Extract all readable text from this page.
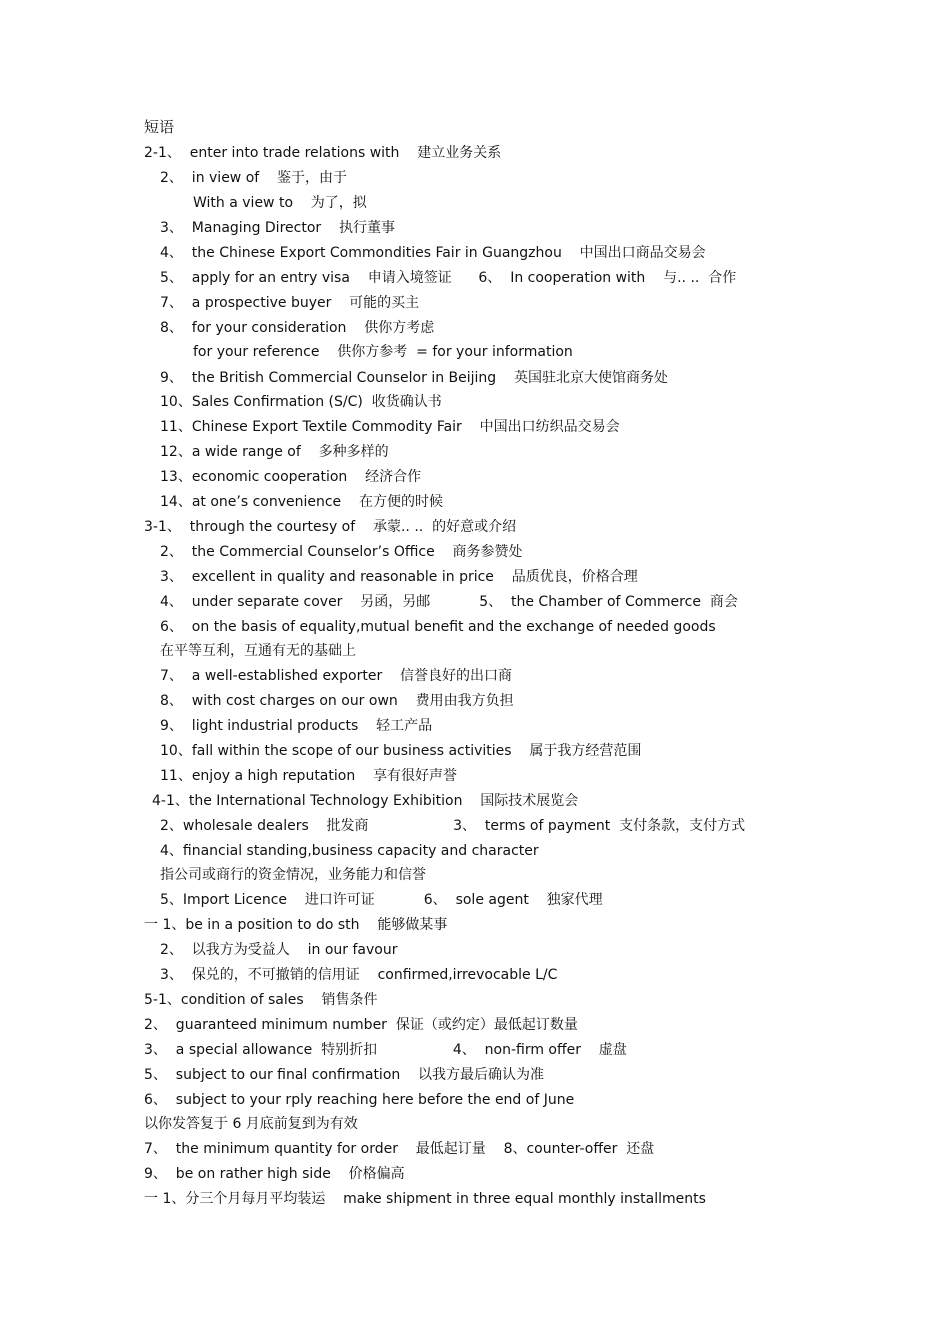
短语
2-1、  enter into trade relations with    建立业务关系
2、  in view of    鉴于，由于
With a view to    为了，拟
3、  Managing Director    执行董事
4、  the Chinese Export Commondities Fair in Guangzhou    中国出口商品交易会
5、  apply for an entry visa    申请入境签证      6、  In cooperation with    与.. ..  合作
7、  a prospective buyer    可能的买主
8、  for your consideration    供你方考虑
for your reference    供你方参考  = for your information
9、  the British Commercial Counselor in Beijing    英国驻北京大使馆商务处
10、Sales Confirmation (S/C)  收货确认书
11、Chinese Export Textile Commodity Fair    中国出口纺织品交易会
12、a wide range of    多种多样的
13、economic cooperation    经济合作
14、at one’s convenience    在方便的时候
3-1、  through the courtesy of    承蒙.. ..  的好意或介绍
2、  the Commercial Counselor’s Office    商务参赞处
3、  excellent in quality and reasonable in price    品质优良，价格合理
4、  under separate cover    另函，另邮           5、  the Chamber of Commerce  商会
6、  on the basis of equality,mutual benefit and the exchange of needed goods
在平等互利，互通有无的基础上
7、  a well-established exporter    信誉良好的出口商
8、  with cost charges on our own    费用由我方负担
9、  light industrial products    轻工产品
10、fall within the scope of our business activities    属于我方经营范围
11、enjoy a high reputation    享有很好声誉
4-1、the International Technology Exhibition    国际技术展览会
2、wholesale dealers    批发商                   3、  terms of payment  支付条款，支付方式
4、financial standing,business capacity and character
指公司或商行的资金情况，业务能力和信誉
5、Import Licence    进口许可证           6、  sole agent    独家代理
一 1、be in a position to do sth    能够做某事
2、  以我方为受益人    in our favour
3、  保兑的，不可撤销的信用证    confirmed,irrevocable L/C
5-1、condition of sales    销售条件
2、  guaranteed minimum number  保证（或约定）最低起订数量
3、  a special allowance  特别折扣                 4、  non-firm offer    虚盘
5、  subject to our final confirmation    以我方最后确认为准
6、  subject to your rply reaching here before the end of June
以你发答复于 6 月底前复到为有效
7、  the minimum quantity for order    最低起订量    8、counter-offer  还盘
9、  be on rather high side    价格偏高
一 1、分三个月每月平均装运    make shipment in three equal monthly installments
